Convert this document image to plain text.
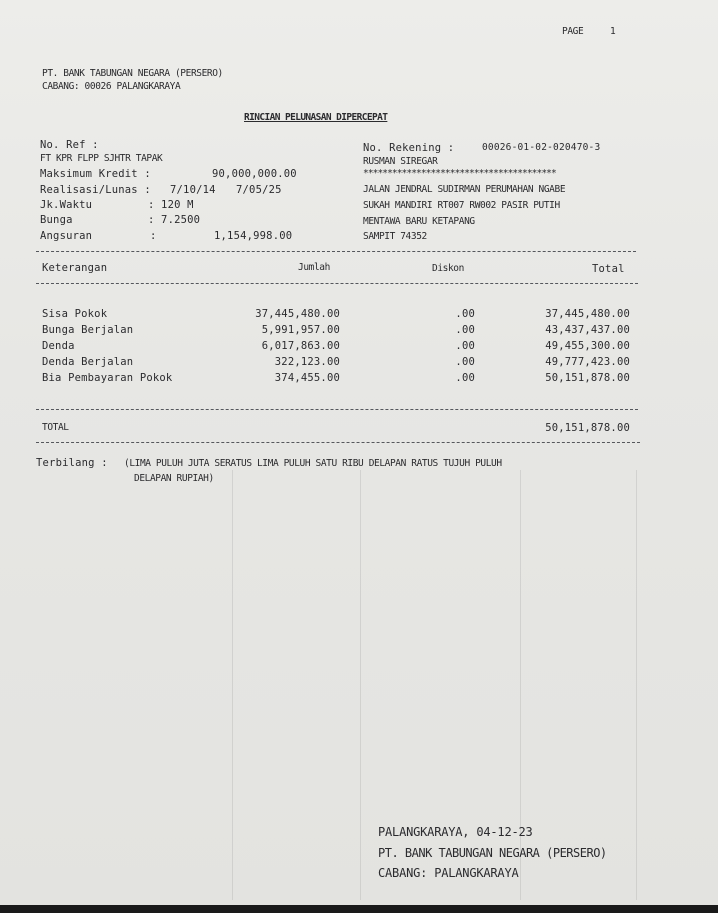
PAGE	1
PT. BANK TABUNGAN NEGARA (PERSERO)
CABANG: 00026 PALANGKARAYA
RINCIAN PELUNASAN DIPERCEPAT
No. Ref :
FT KPR FLPP SJHTR TAPAK
Maksimum Kredit :	90,000,000.00
Realisasi/Lunas : 7/10/14 7/05/25
Jk.Waktu	: 120 M
Bunga	: 7.2500
Angsuran	:	1,154,998.00
No. Rekening :	00026-01-02-020470-3
RUSMAN SIREGAR
****************************************
JALAN JENDRAL SUDIRMAN PERUMAHAN NGABE
SUKAH MANDIRI RT007 RW002 PASIR PUTIH
MENTAWA BARU KETAPANG
SAMPIT 74352
Keterangan	Jumlah	Diskon	Total
Sisa Pokok	37,445,480.00	.00	37,445,480.00
Bunga Berjalan	5,991,957.00	.00	43,437,437.00
Denda	6,017,863.00	.00	49,455,300.00
Denda Berjalan	322,123.00	.00	49,777,423.00
Bia Pembayaran Pokok	374,455.00	.00	50,151,878.00
TOTAL	50,151,878.00
Terbilang : (LIMA PULUH JUTA SERATUS LIMA PULUH SATU RIBU DELAPAN RATUS TUJUH PULUH
DELAPAN RUPIAH)
PALANGKARAYA, 04-12-23
PT. BANK TABUNGAN NEGARA (PERSERO)
CABANG: PALANGKARAYA
